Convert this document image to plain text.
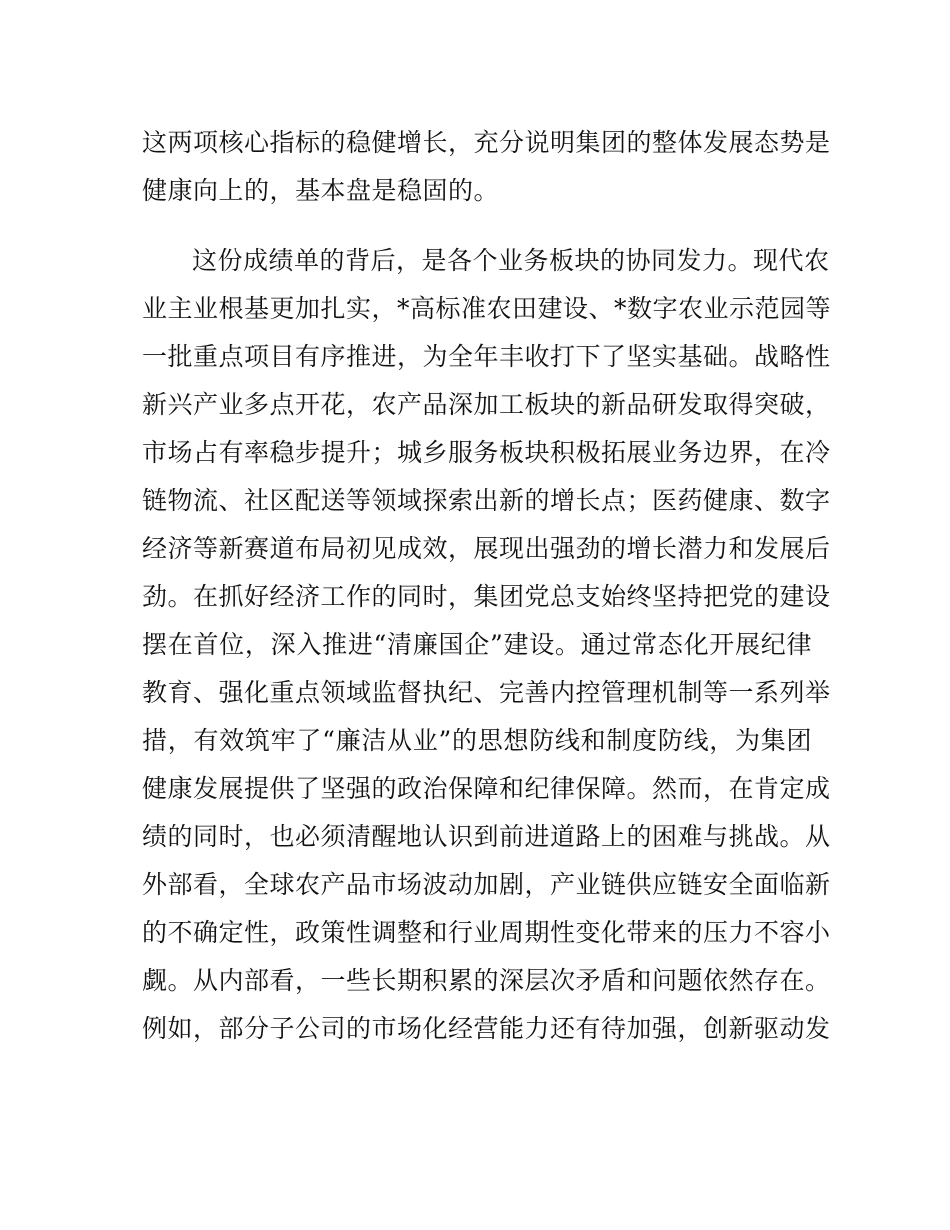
这两项核心指标的稳健增长，充分说明集团的整体发展态势是
健康向上的，基本盘是稳固的。
这份成绩单的背后，是各个业务板块的协同发力。现代农
业主业根基更加扎实，*高标准农田建设、*数字农业示范园等
一批重点项目有序推进，为全年丰收打下了坚实基础。战略性
新兴产业多点开花，农产品深加工板块的新品研发取得突破，
市场占有率稳步提升；城乡服务板块积极拓展业务边界，在冷
链物流、社区配送等领域探索出新的增长点；医药健康、数字
经济等新赛道布局初见成效，展现出强劲的增长潜力和发展后
劲。在抓好经济工作的同时，集团党总支始终坚持把党的建设
摆在首位，深入推进“清廉国企”建设。通过常态化开展纪律
教育、强化重点领域监督执纪、完善内控管理机制等一系列举
措，有效筑牢了“廉洁从业”的思想防线和制度防线，为集团
健康发展提供了坚强的政治保障和纪律保障。然而，在肯定成
绩的同时，也必须清醒地认识到前进道路上的困难与挑战。从
外部看，全球农产品市场波动加剧，产业链供应链安全面临新
的不确定性，政策性调整和行业周期性变化带来的压力不容小
觑。从内部看，一些长期积累的深层次矛盾和问题依然存在。
例如，部分子公司的市场化经营能力还有待加强，创新驱动发
